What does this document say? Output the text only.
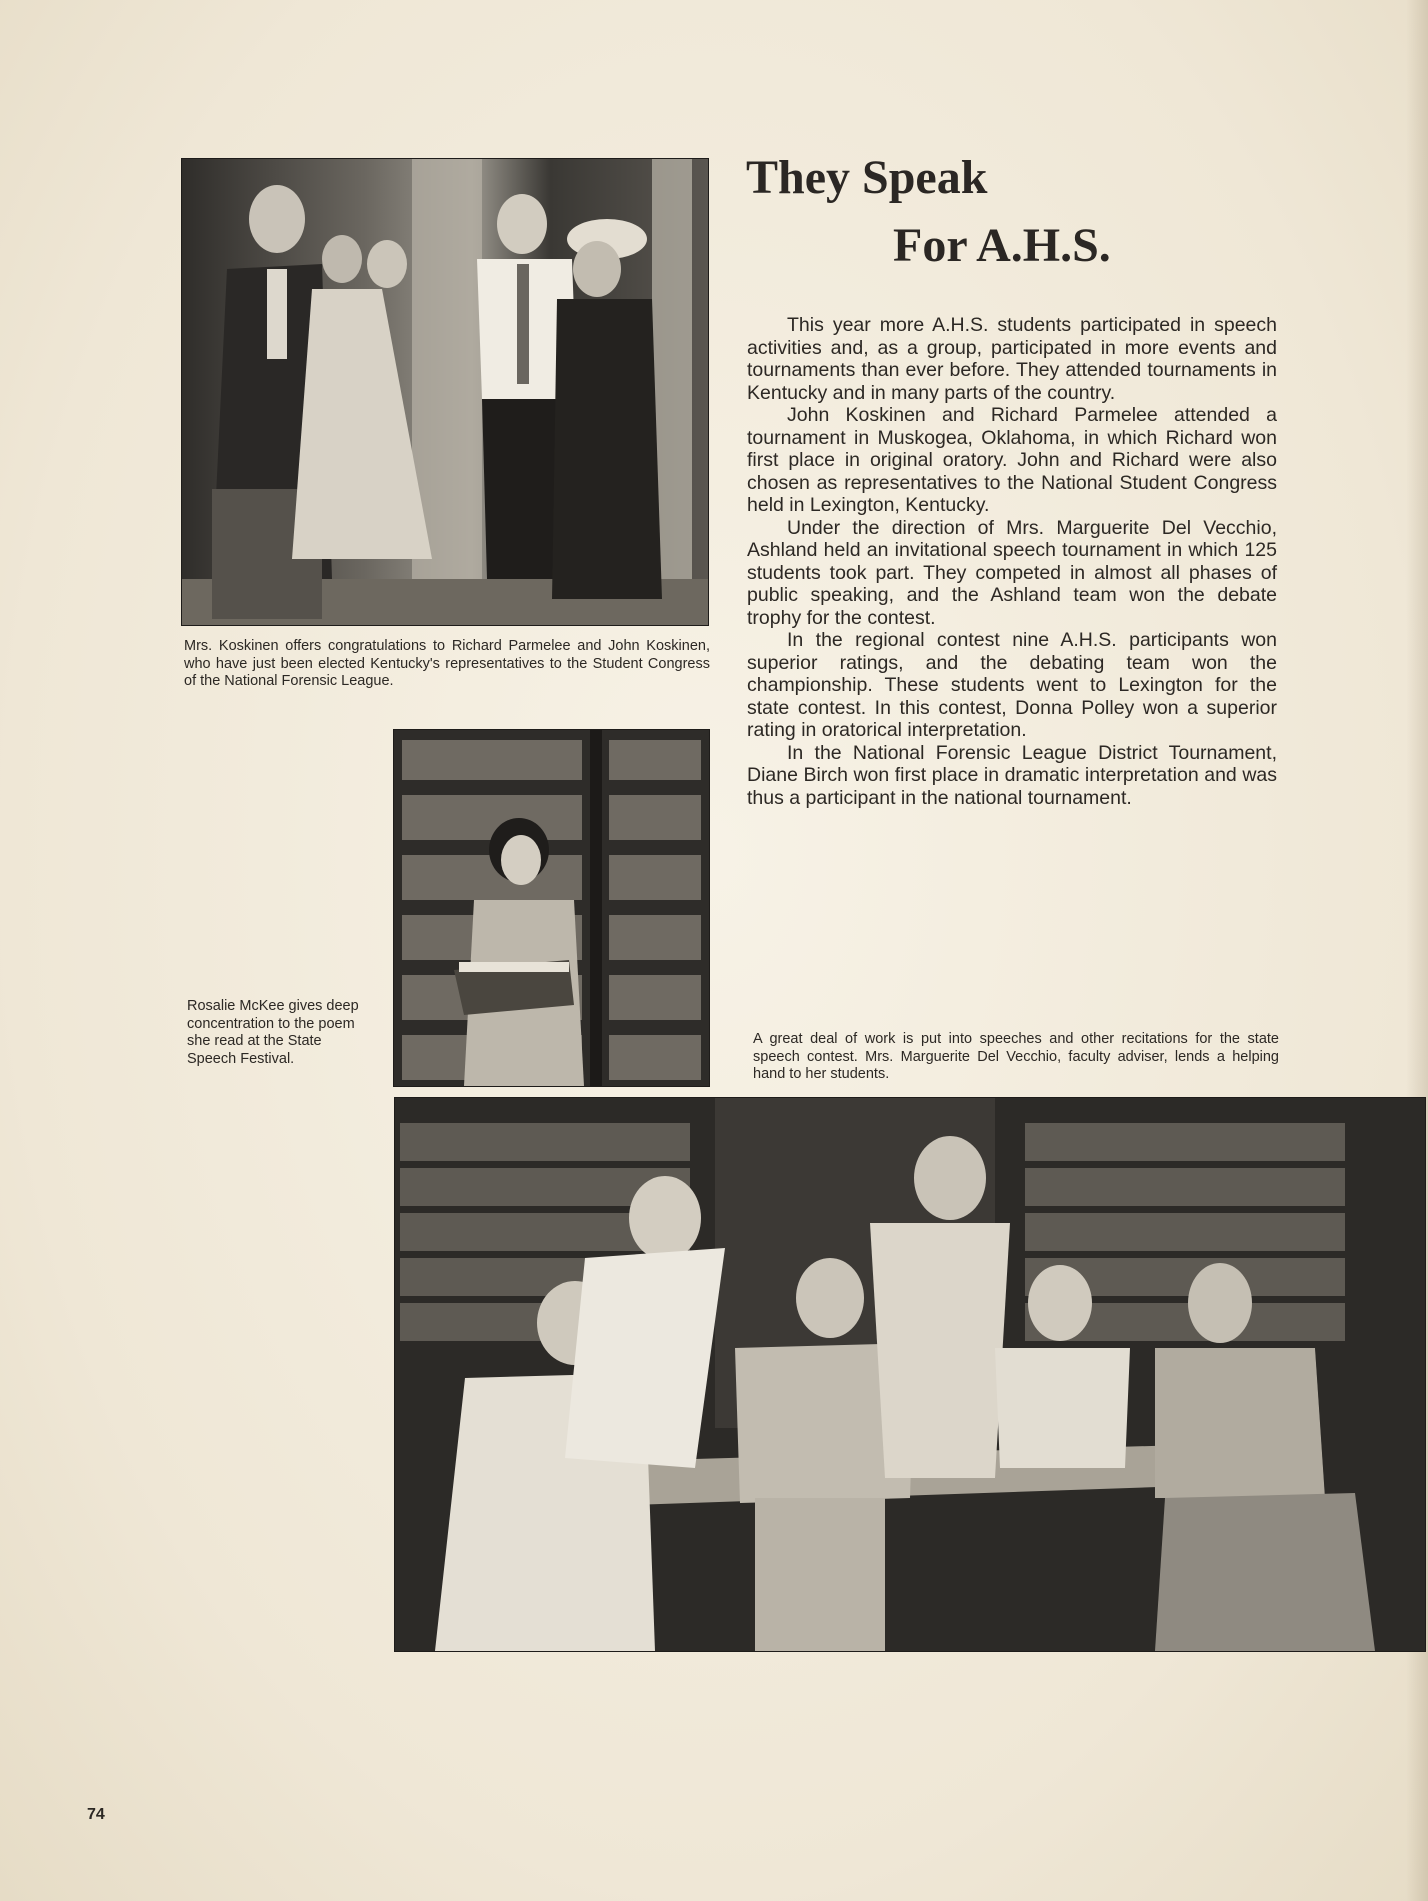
They Speak
For A.H.S.

This year more A.H.S. students participated in speech activities and, as a group, participated in more events and tournaments than ever before. They attended tournaments in Kentucky and in many parts of the country.

John Koskinen and Richard Parmelee attended a tournament in Muskogea, Oklahoma, in which Richard won first place in original oratory. John and Richard were also chosen as representatives to the National Student Congress held in Lexington, Kentucky.

Under the direction of Mrs. Marguerite Del Vecchio, Ashland held an invitational speech tournament in which 125 students took part. They competed in almost all phases of public speaking, and the Ashland team won the debate trophy for the contest.

In the regional contest nine A.H.S. participants won superior ratings, and the debating team won the championship. These students went to Lexington for the state contest. In this contest, Donna Polley won a superior rating in oratorical interpretation.

In the National Forensic League District Tournament, Diane Birch won first place in dramatic interpretation and was thus a participant in the national tournament.

Mrs. Koskinen offers congratulations to Richard Parmelee and John Koskinen, who have just been elected Kentucky's representatives to the Student Congress of the National Forensic League.
Rosalie McKee gives deep concentration to the poem she read at the State Speech Festival.
A great deal of work is put into speeches and other recitations for the state speech contest. Mrs. Marguerite Del Vecchio, faculty adviser, lends a helping hand to her students.
74
